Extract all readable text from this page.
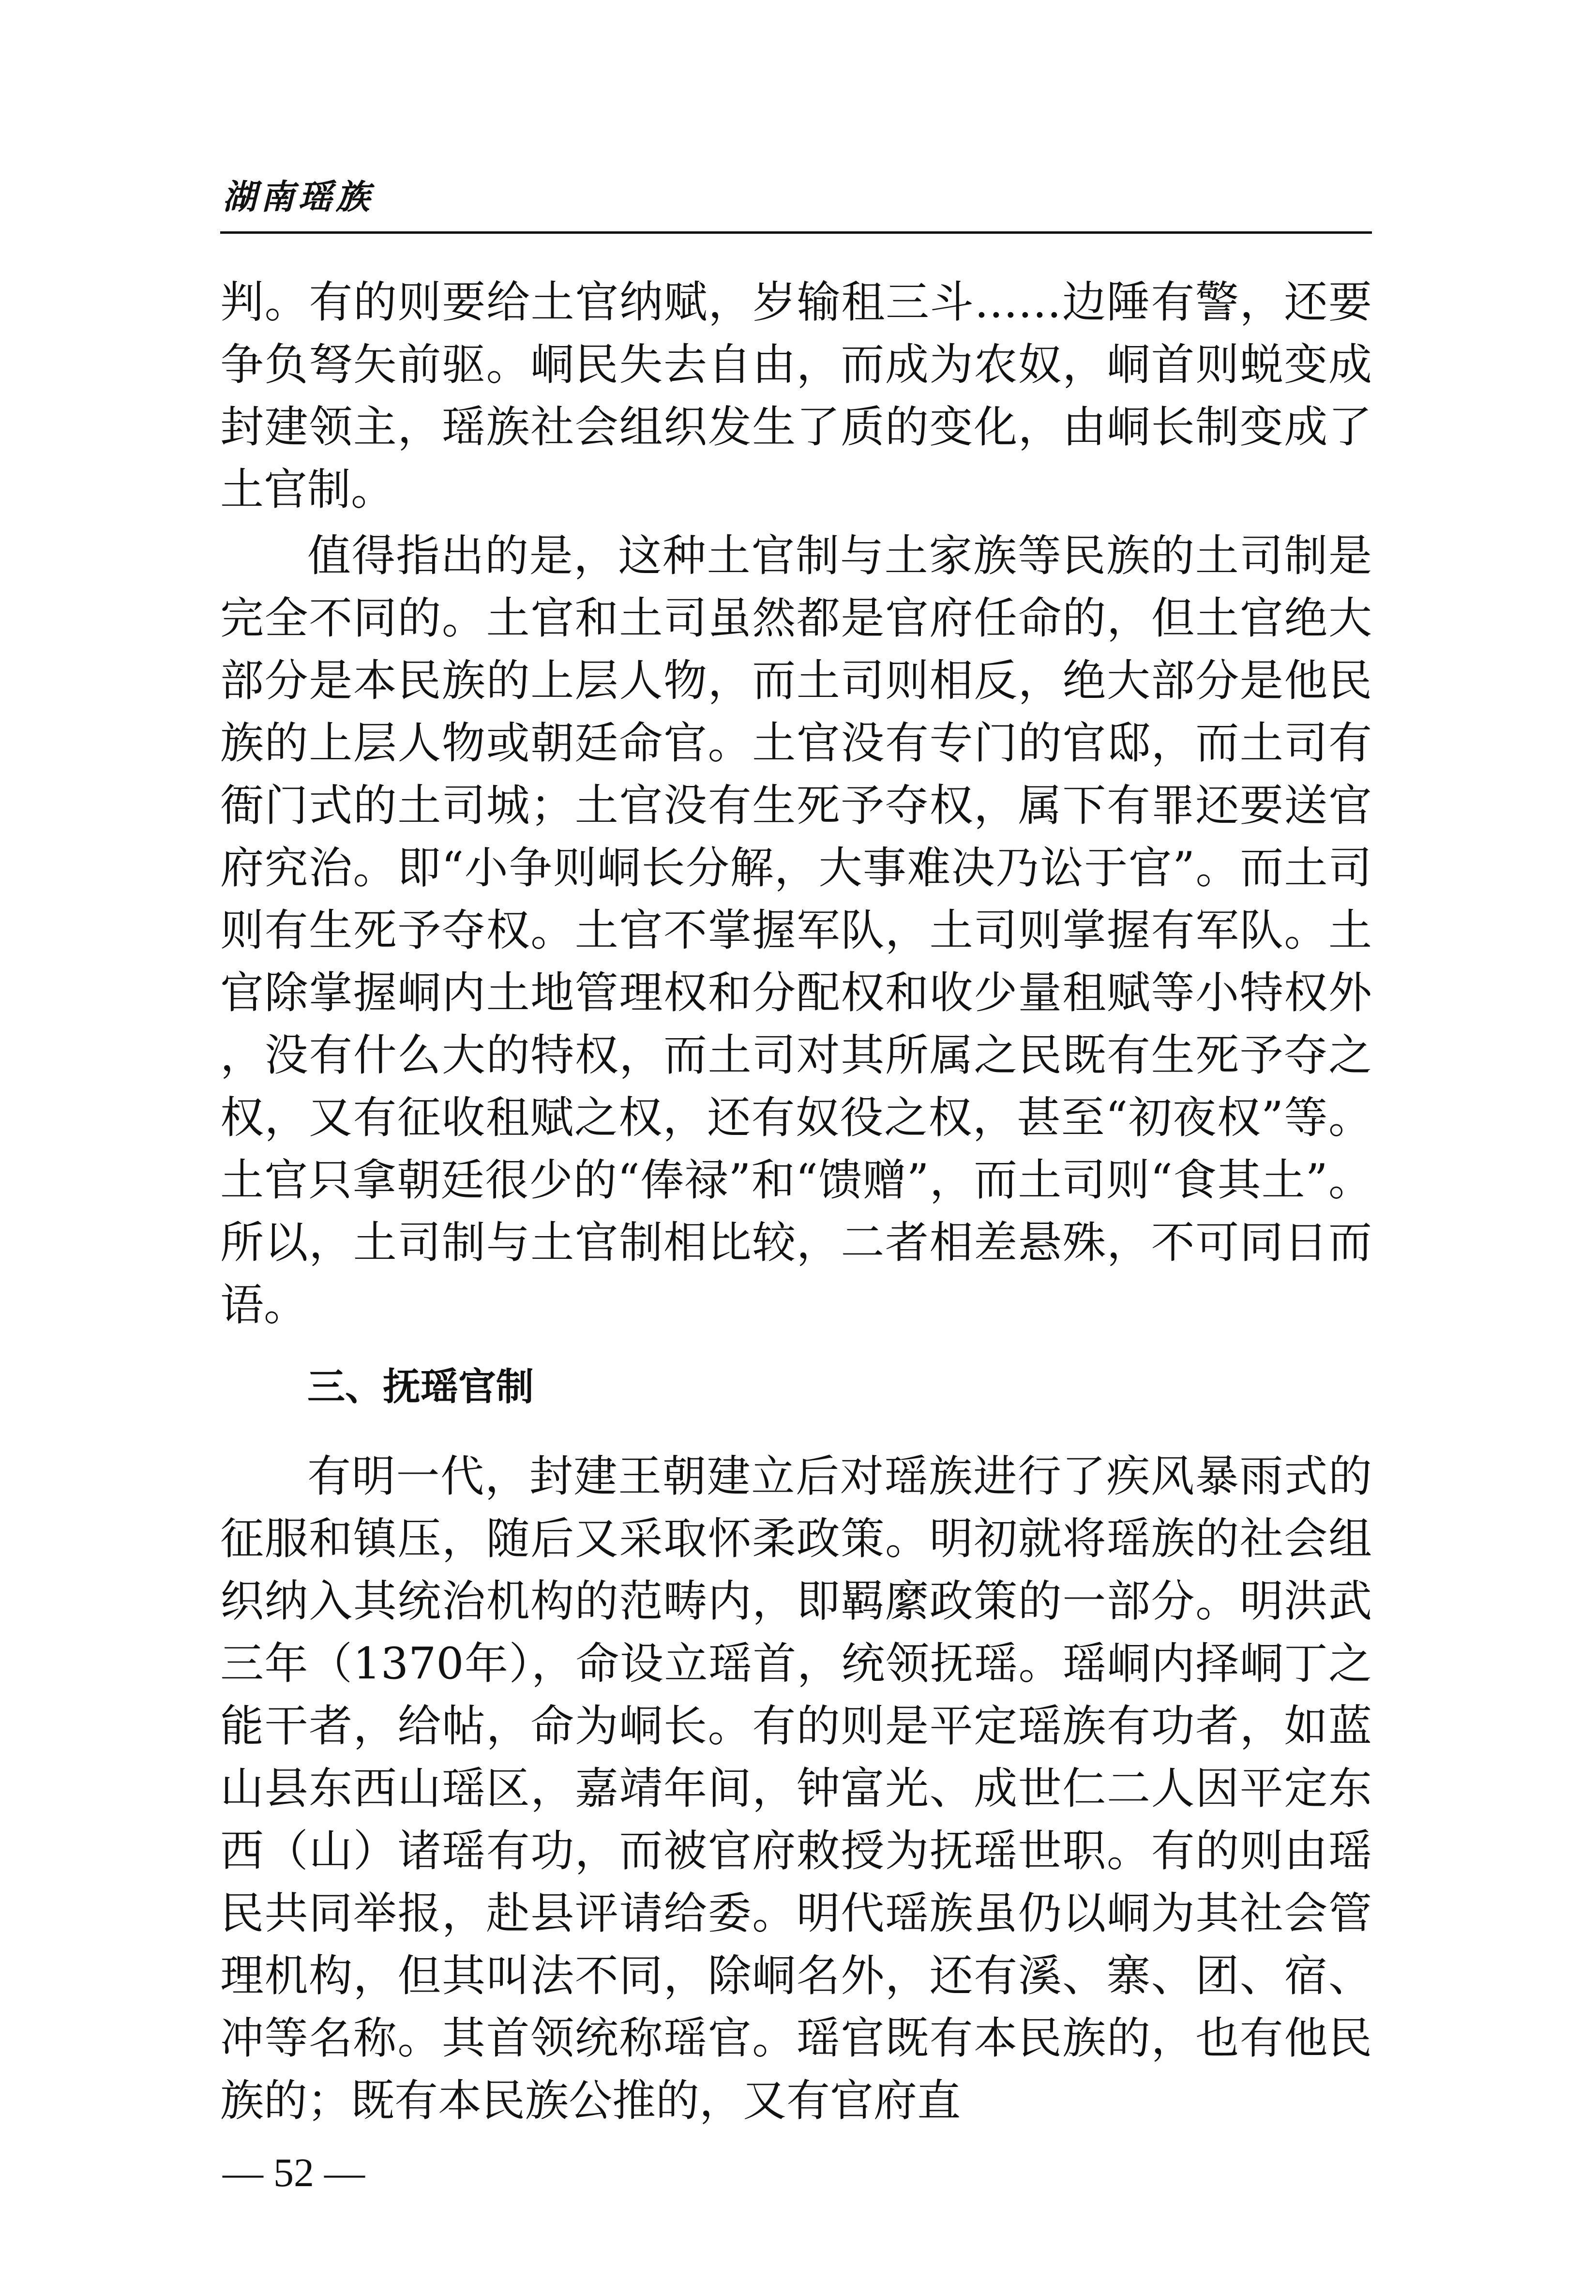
湖南瑶族

判。有的则要给土官纳赋，岁输租三斗……边陲有警，还要争负弩矢前驱。峒民失去自由，而成为农奴，峒首则蜕变成封建领主，瑶族社会组织发生了质的变化，由峒长制变成了土官制。

值得指出的是，这种土官制与土家族等民族的土司制是完全不同的。土官和土司虽然都是官府任命的，但土官绝大部分是本民族的上层人物，而土司则相反，绝大部分是他民族的上层人物或朝廷命官。土官没有专门的官邸，而土司有衙门式的土司城；土官没有生死予夺权，属下有罪还要送官府究治。即“小争则峒长分解，大事难决乃讼于官”。而土司则有生死予夺权。土官不掌握军队，土司则掌握有军队。土官除掌握峒内土地管理权和分配权和收少量租赋等小特权外，没有什么大的特权，而土司对其所属之民既有生死予夺之权，又有征收租赋之权，还有奴役之权，甚至“初夜权”等。土官只拿朝廷很少的“俸禄”和“馈赠”，而土司则“食其土”。所以，土司制与土官制相比较，二者相差悬殊，不可同日而语。

三、抚瑶官制

有明一代，封建王朝建立后对瑶族进行了疾风暴雨式的征服和镇压，随后又采取怀柔政策。明初就将瑶族的社会组织纳入其统治机构的范畴内，即羁縻政策的一部分。明洪武三年（1370年），命设立瑶首，统领抚瑶。瑶峒内择峒丁之能干者，给帖，命为峒长。有的则是平定瑶族有功者，如蓝山县东西山瑶区，嘉靖年间，钟富光、成世仁二人因平定东西（山）诸瑶有功，而被官府敕授为抚瑶世职。有的则由瑶民共同举报，赴县评请给委。明代瑶族虽仍以峒为其社会管理机构，但其叫法不同，除峒名外，还有溪、寨、团、宿、冲等名称。其首领统称瑶官。瑶官既有本民族的，也有他民族的；既有本民族公推的，又有官府直

— 52 —
